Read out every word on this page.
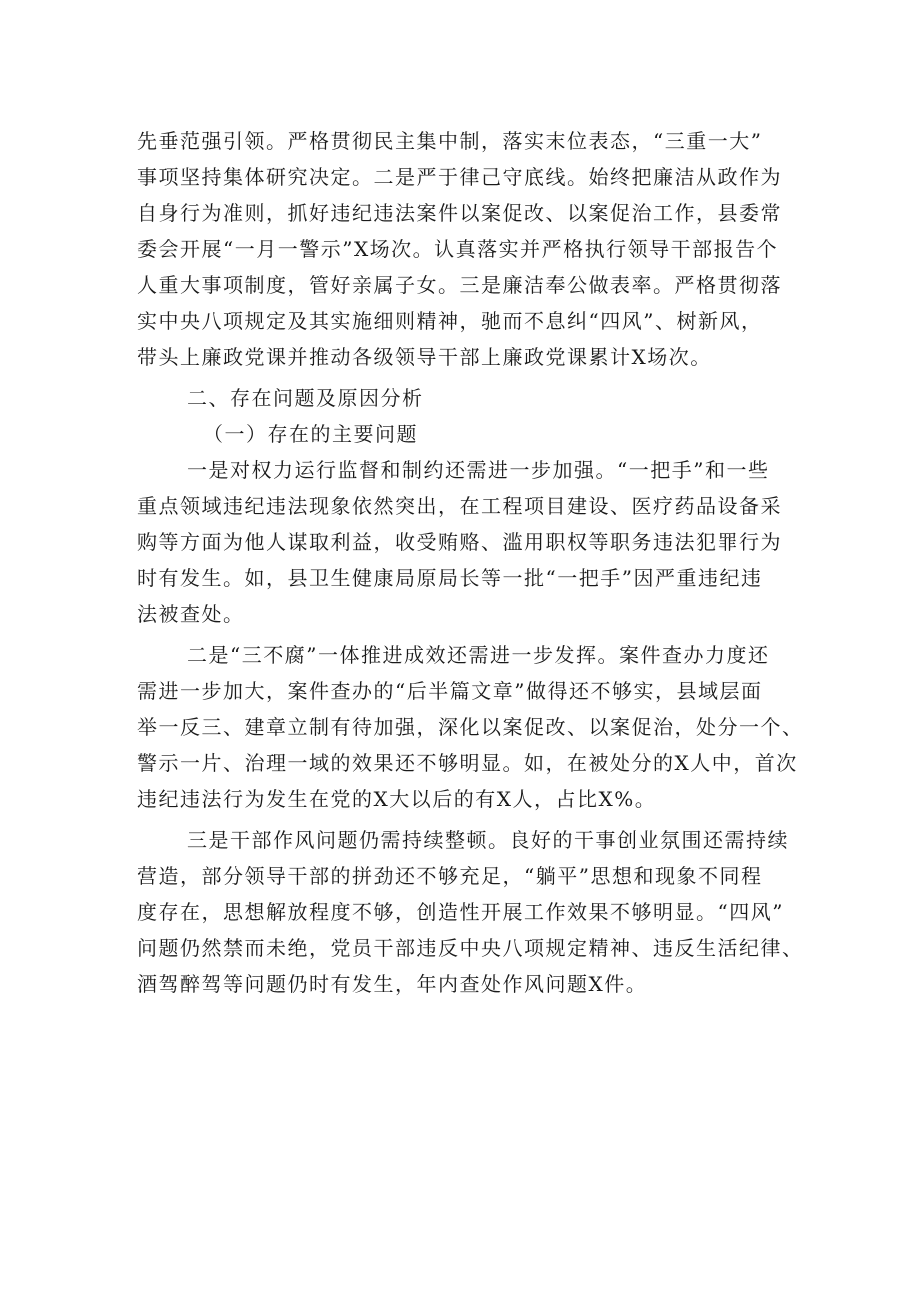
先垂范强引领。严格贯彻民主集中制，落实末位表态，“三重一大”
事项坚持集体研究决定。二是严于律己守底线。始终把廉洁从政作为
自身行为准则，抓好违纪违法案件以案促改、以案促治工作，县委常
委会开展“一月一警示”X场次。认真落实并严格执行领导干部报告个
人重大事项制度，管好亲属子女。三是廉洁奉公做表率。严格贯彻落
实中央八项规定及其实施细则精神，驰而不息纠“四风”、树新风，
带头上廉政党课并推动各级领导干部上廉政党课累计X场次。
二、存在问题及原因分析
（一）存在的主要问题
一是对权力运行监督和制约还需进一步加强。“一把手”和一些
重点领域违纪违法现象依然突出，在工程项目建设、医疗药品设备采
购等方面为他人谋取利益，收受贿赂、滥用职权等职务违法犯罪行为
时有发生。如，县卫生健康局原局长等一批“一把手”因严重违纪违
法被查处。
二是“三不腐”一体推进成效还需进一步发挥。案件查办力度还
需进一步加大，案件查办的“后半篇文章”做得还不够实，县域层面
举一反三、建章立制有待加强，深化以案促改、以案促治，处分一个、
警示一片、治理一域的效果还不够明显。如，在被处分的X人中，首次
违纪违法行为发生在党的X大以后的有X人，占比X%。
三是干部作风问题仍需持续整顿。良好的干事创业氛围还需持续
营造，部分领导干部的拼劲还不够充足，“躺平”思想和现象不同程
度存在，思想解放程度不够，创造性开展工作效果不够明显。“四风”
问题仍然禁而未绝，党员干部违反中央八项规定精神、违反生活纪律、
酒驾醉驾等问题仍时有发生，年内查处作风问题X件。
